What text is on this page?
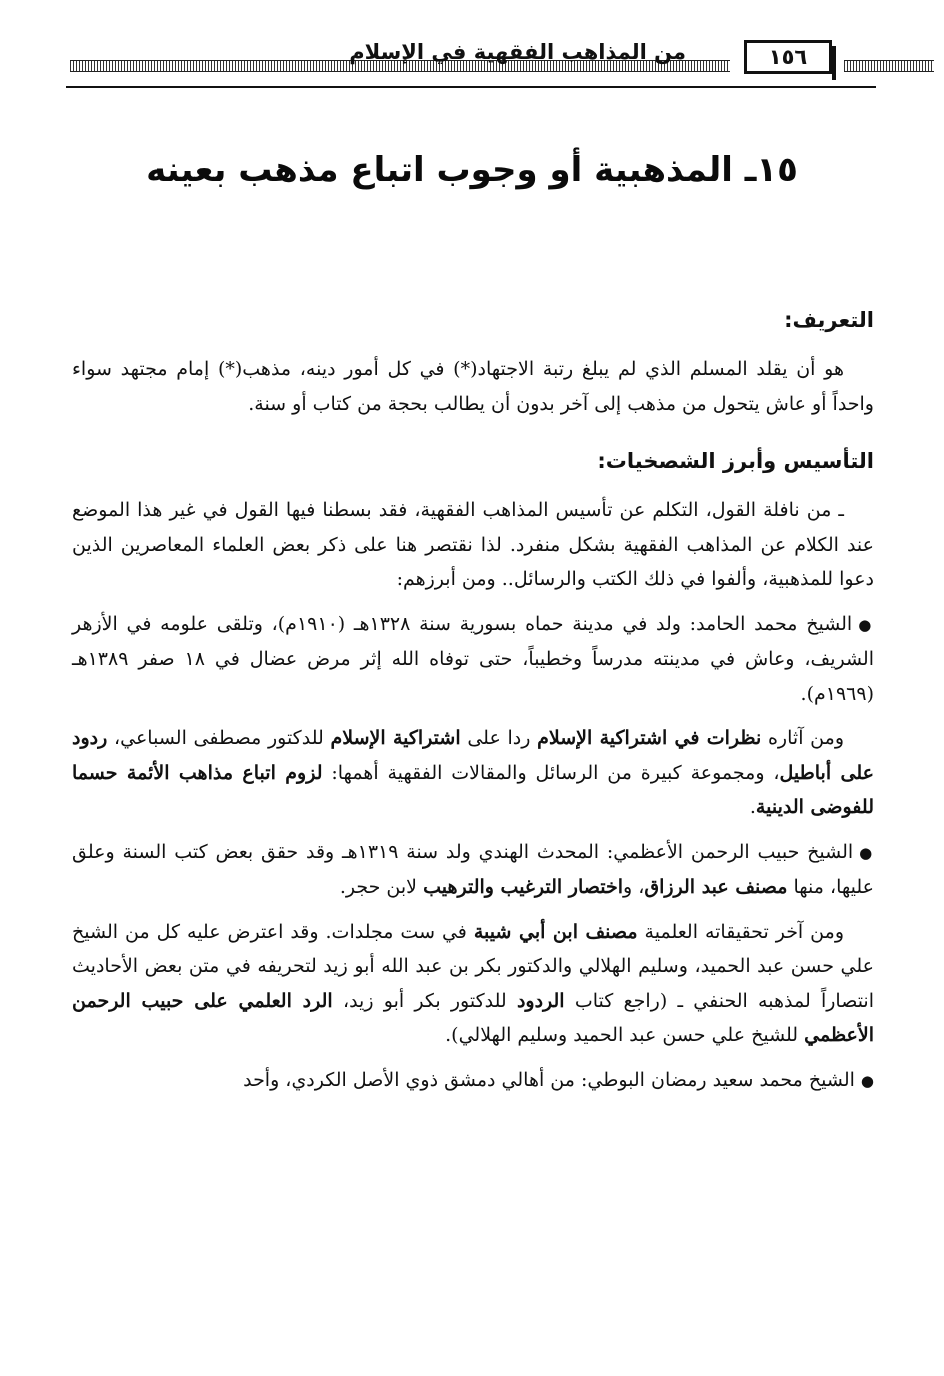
١٥٦
من المذاهب الفقهية في الإسلام
١٥ـ المذهبية أو وجوب اتباع مذهب بعينه
التعريف:

هو أن يقلد المسلم الذي لم يبلغ رتبة الاجتهاد(*) في كل أمور دينه، مذهب(*) إمام مجتهد سواء واحداً أو عاش يتحول من مذهب إلى آخر بدون أن يطالب بحجة من كتاب أو سنة.

التأسيس وأبرز الشصخيات:

ـ من نافلة القول، التكلم عن تأسيس المذاهب الفقهية، فقد بسطنا فيها القول في غير هذا الموضع عند الكلام عن المذاهب الفقهية بشكل منفرد. لذا نقتصر هنا على ذكر بعض العلماء المعاصرين الذين دعوا للمذهبية، وألفوا في ذلك الكتب والرسائل.. ومن أبرزهم:

●الشيخ محمد الحامد: ولد في مدينة حماه بسورية سنة ١٣٢٨هـ (١٩١٠م)، وتلقى علومه في الأزهر الشريف، وعاش في مدينته مدرساً وخطيباً، حتى توفاه الله إثر مرض عضال في ١٨ صفر ١٣٨٩هـ (١٩٦٩م).

ومن آثاره نظرات في اشتراكية الإسلام ردا على اشتراكية الإسلام للدكتور مصطفى السباعي، ردود على أباطيل، ومجموعة كبيرة من الرسائل والمقالات الفقهية أهمها: لزوم اتباع مذاهب الأئمة حسما للفوضى الدينية.

●الشيخ حبيب الرحمن الأعظمي: المحدث الهندي ولد سنة ١٣١٩هـ وقد حقق بعض كتب السنة وعلق عليها، منها مصنف عبد الرزاق، واختصار الترغيب والترهيب لابن حجر.

ومن آخر تحقيقاته العلمية مصنف ابن أبي شيبة في ست مجلدات. وقد اعترض عليه كل من الشيخ علي حسن عبد الحميد، وسليم الهلالي والدكتور بكر بن عبد الله أبو زيد لتحريفه في متن بعض الأحاديث انتصاراً لمذهبه الحنفي ـ (راجع كتاب الردود للدكتور بكر أبو زيد، الرد العلمي على حبيب الرحمن الأعظمي للشيخ علي حسن عبد الحميد وسليم الهلالي).

●الشيخ محمد سعيد رمضان البوطي: من أهالي دمشق ذوي الأصل الكردي، وأحد
